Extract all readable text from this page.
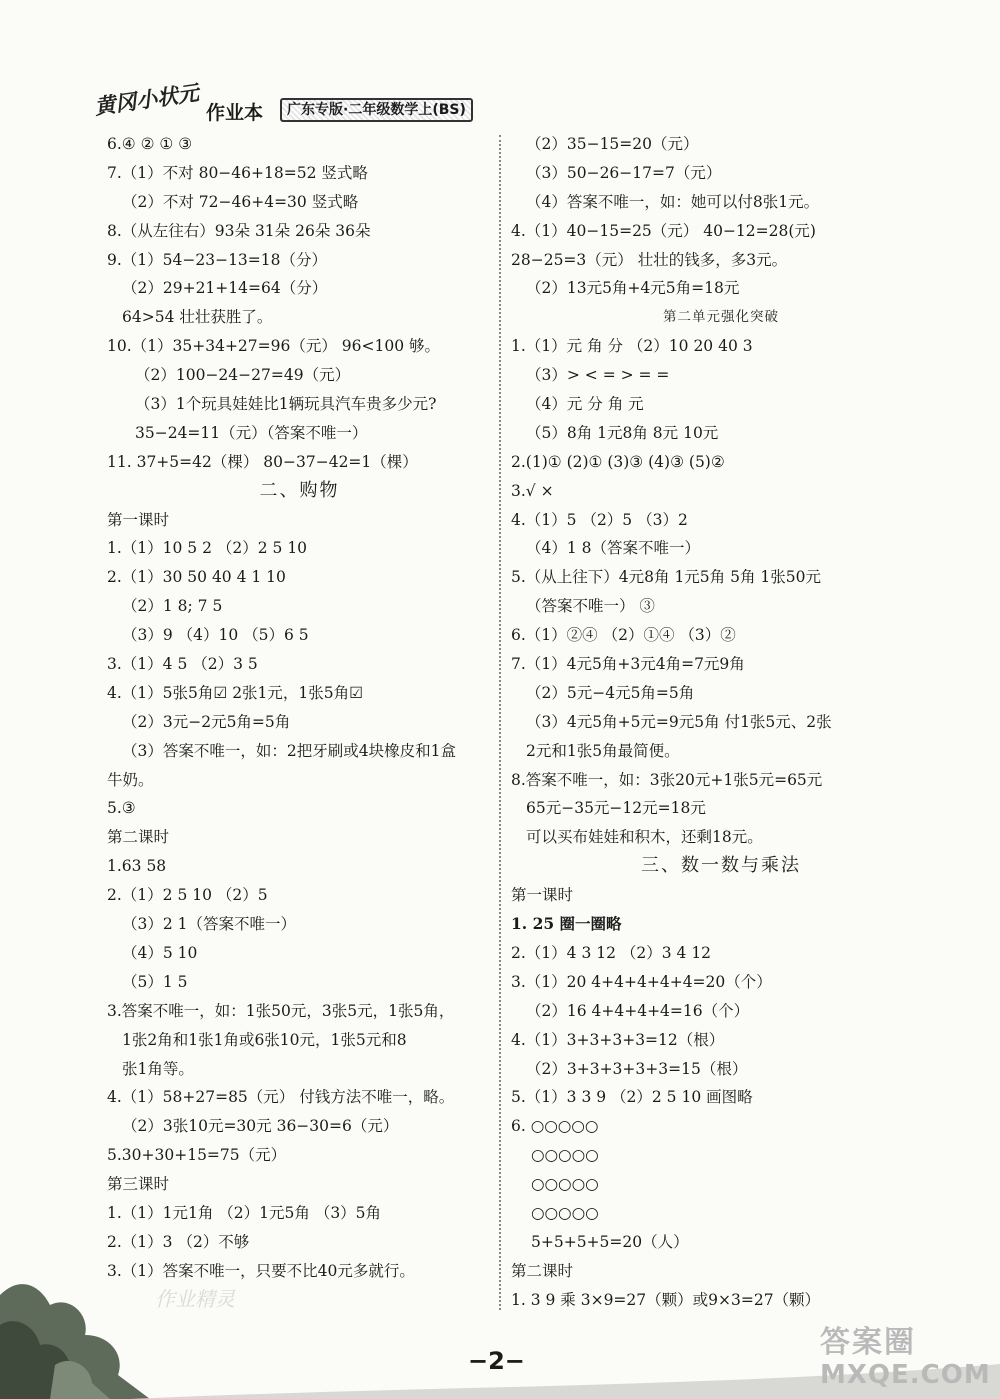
黄冈小状元 作业本	广东专版·二年级数学上(BS)
6.④ ② ① ③
7.（1）不对 80−46+18=52 竖式略
（2）不对 72−46+4=30 竖式略
8.（从左往右）93朵 31朵 26朵 36朵
9.（1）54−23−13=18（分）
（2）29+21+14=64（分）
64>54 壮壮获胜了。
10.（1）35+34+27=96（元） 96<100 够。
（2）100−24−27=49（元）
（3）1个玩具娃娃比1辆玩具汽车贵多少元?
35−24=11（元）（答案不唯一）
11. 37+5=42（棵） 80−37−42=1（棵）
二、购物
第一课时
1.（1）10 5 2 （2）2 5 10
2.（1）30 50 40 4 1 10
（2）1 8; 7 5
（3）9 （4）10 （5）6 5
3.（1）4 5 （2）3 5
4.（1）5张5角☑ 2张1元，1张5角☑
（2）3元−2元5角=5角
（3）答案不唯一，如：2把牙刷或4块橡皮和1盒
牛奶。
5.③
第二课时
1.63 58
2.（1）2 5 10 （2）5
（3）2 1（答案不唯一）
（4）5 10
（5）1 5
3.答案不唯一，如：1张50元，3张5元，1张5角，
1张2角和1张1角或6张10元，1张5元和8
张1角等。
4.（1）58+27=85（元） 付钱方法不唯一，略。
（2）3张10元=30元 36−30=6（元）
5.30+30+15=75（元）
第三课时
1.（1）1元1角 （2）1元5角 （3）5角
2.（1）3 （2）不够
3.（1）答案不唯一，只要不比40元多就行。
（2）35−15=20（元）
（3）50−26−17=7（元）
（4）答案不唯一，如：她可以付8张1元。
4.（1）40−15=25（元） 40−12=28(元)
28−25=3（元） 壮壮的钱多，多3元。
（2）13元5角+4元5角=18元
第二单元强化突破
1.（1）元 角 分 （2）10 20 40 3
（3）> < = > = =
（4）元 分 角 元
（5）8角 1元8角 8元 10元
2.(1)① (2)① (3)③ (4)③ (5)②
3.√ ×
4.（1）5 （2）5 （3）2
（4）1 8（答案不唯一）
5.（从上往下）4元8角 1元5角 5角 1张50元
（答案不唯一） ③
6.（1）②④ （2）①④ （3）②
7.（1）4元5角+3元4角=7元9角
（2）5元−4元5角=5角
（3）4元5角+5元=9元5角 付1张5元、2张
2元和1张5角最简便。
8.答案不唯一，如：3张20元+1张5元=65元
65元−35元−12元=18元
可以买布娃娃和积木，还剩18元。
三、数一数与乘法
第一课时
1. 25 圈一圈略
2.（1）4 3 12 （2）3 4 12
3.（1）20 4+4+4+4+4=20（个）
（2）16 4+4+4+4=16（个）
4.（1）3+3+3+3=12（根）
（2）3+3+3+3+3=15（根）
5.（1）3 3 9 （2）2 5 10 画图略
6. ○○○○○
○○○○○
○○○○○
○○○○○
5+5+5+5=20（人）
第二课时
1. 3 9 乘 3×9=27（颗）或9×3=27（颗）
−2−
答案圈
MXQE.COM
作业精灵
